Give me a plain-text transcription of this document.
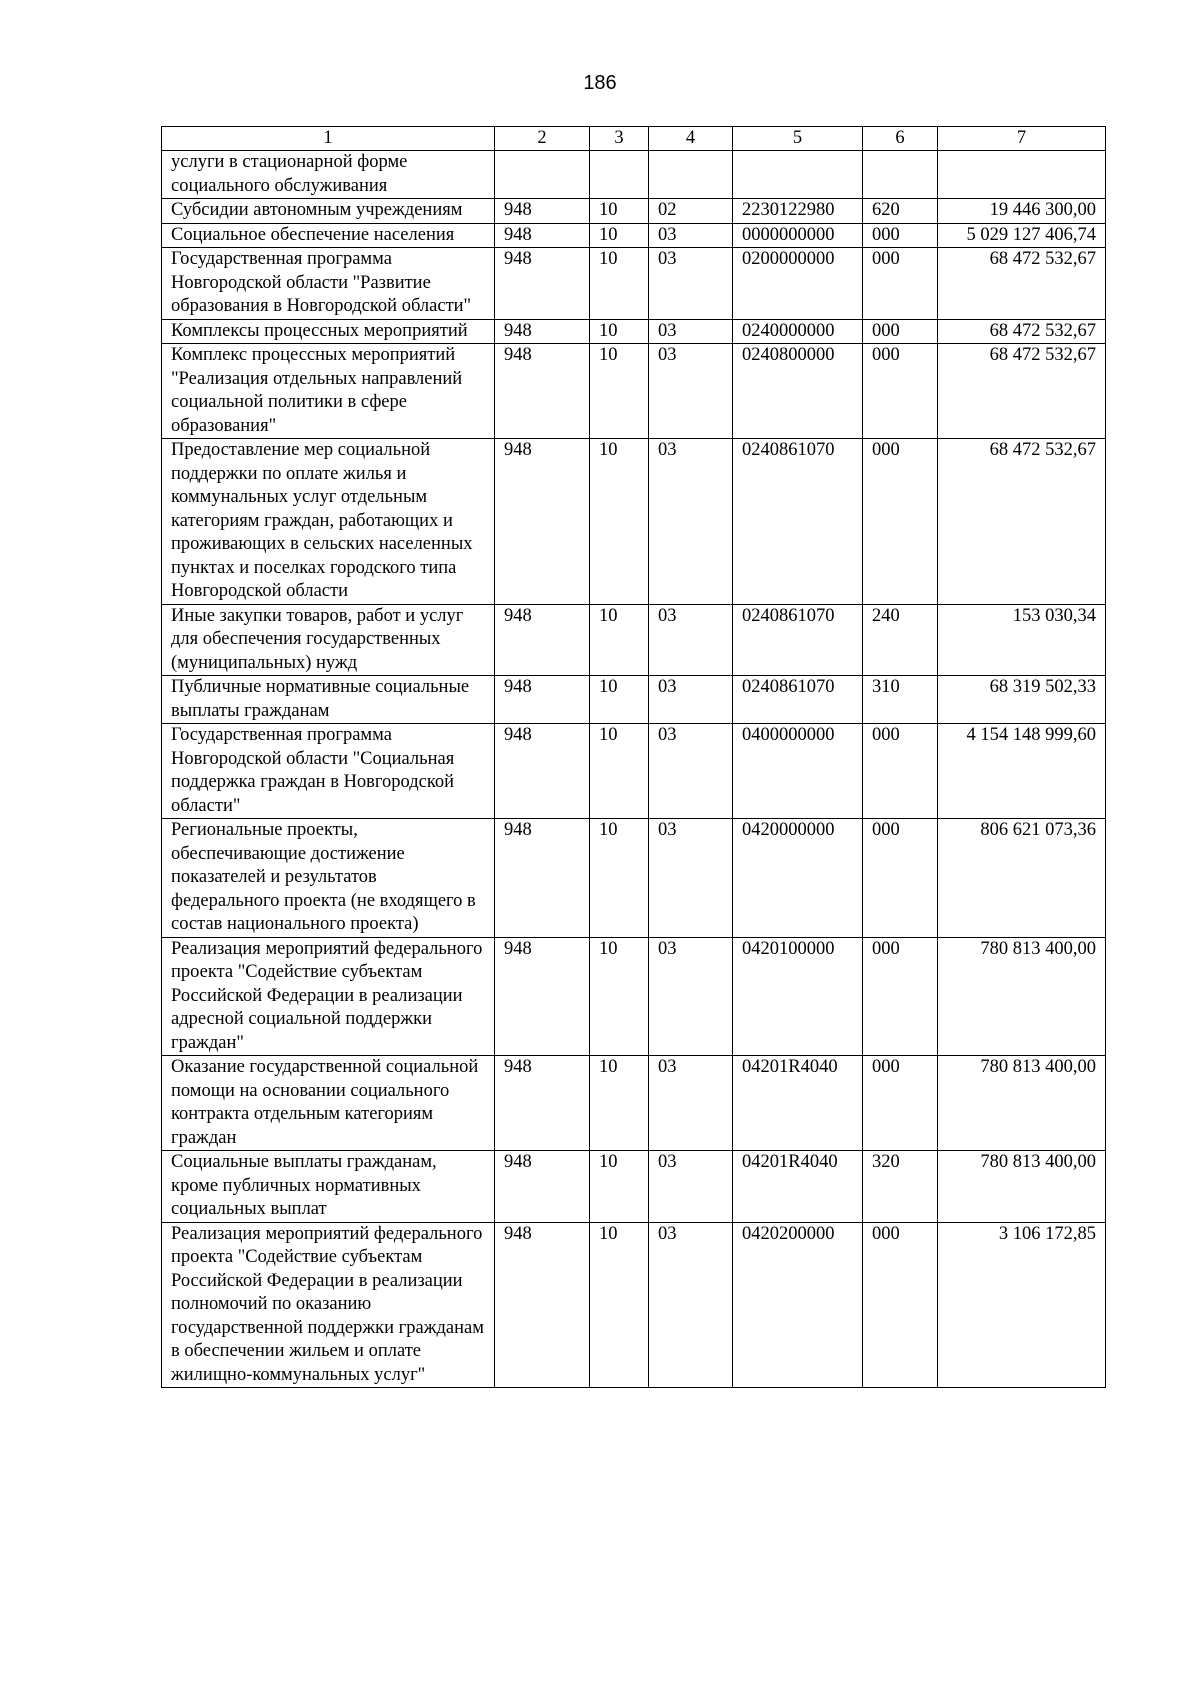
186
1	2	3	4	5	6	7
услуги в стационарной форме социального обслуживания						
Субсидии автономным учреждениям	948	10	02	2230122980	620	19 446 300,00
Социальное обеспечение населения	948	10	03	0000000000	000	5 029 127 406,74
Государственная программа Новгородской области "Развитие образования в Новгородской области"	948	10	03	0200000000	000	68 472 532,67
Комплексы процессных мероприятий	948	10	03	0240000000	000	68 472 532,67
Комплекс процессных мероприятий "Реализация отдельных направлений социальной политики в сфере образования"	948	10	03	0240800000	000	68 472 532,67
Предоставление мер социальной поддержки по оплате жилья и коммунальных услуг отдельным категориям граждан, работающих и проживающих в сельских населенных пунктах и поселках городского типа Новгородской области	948	10	03	0240861070	000	68 472 532,67
Иные закупки товаров, работ и услуг для обеспечения государственных (муниципальных) нужд	948	10	03	0240861070	240	153 030,34
Публичные нормативные социальные выплаты гражданам	948	10	03	0240861070	310	68 319 502,33
Государственная программа Новгородской области "Социальная поддержка граждан в Новгородской области"	948	10	03	0400000000	000	4 154 148 999,60
Региональные проекты, обеспечивающие достижение показателей и результатов федерального проекта (не входящего в состав национального проекта)	948	10	03	0420000000	000	806 621 073,36
Реализация мероприятий федерального проекта "Содействие субъектам Российской Федерации в реализации адресной социальной поддержки граждан"	948	10	03	0420100000	000	780 813 400,00
Оказание государственной социальной помощи на основании социального контракта отдельным категориям граждан	948	10	03	04201R4040	000	780 813 400,00
Социальные выплаты гражданам, кроме публичных нормативных социальных выплат	948	10	03	04201R4040	320	780 813 400,00
Реализация мероприятий федерального проекта "Содействие субъектам Российской Федерации в реализации полномочий по оказанию государственной поддержки гражданам в обеспечении жильем и оплате жилищно-коммунальных услуг"	948	10	03	0420200000	000	3 106 172,85
